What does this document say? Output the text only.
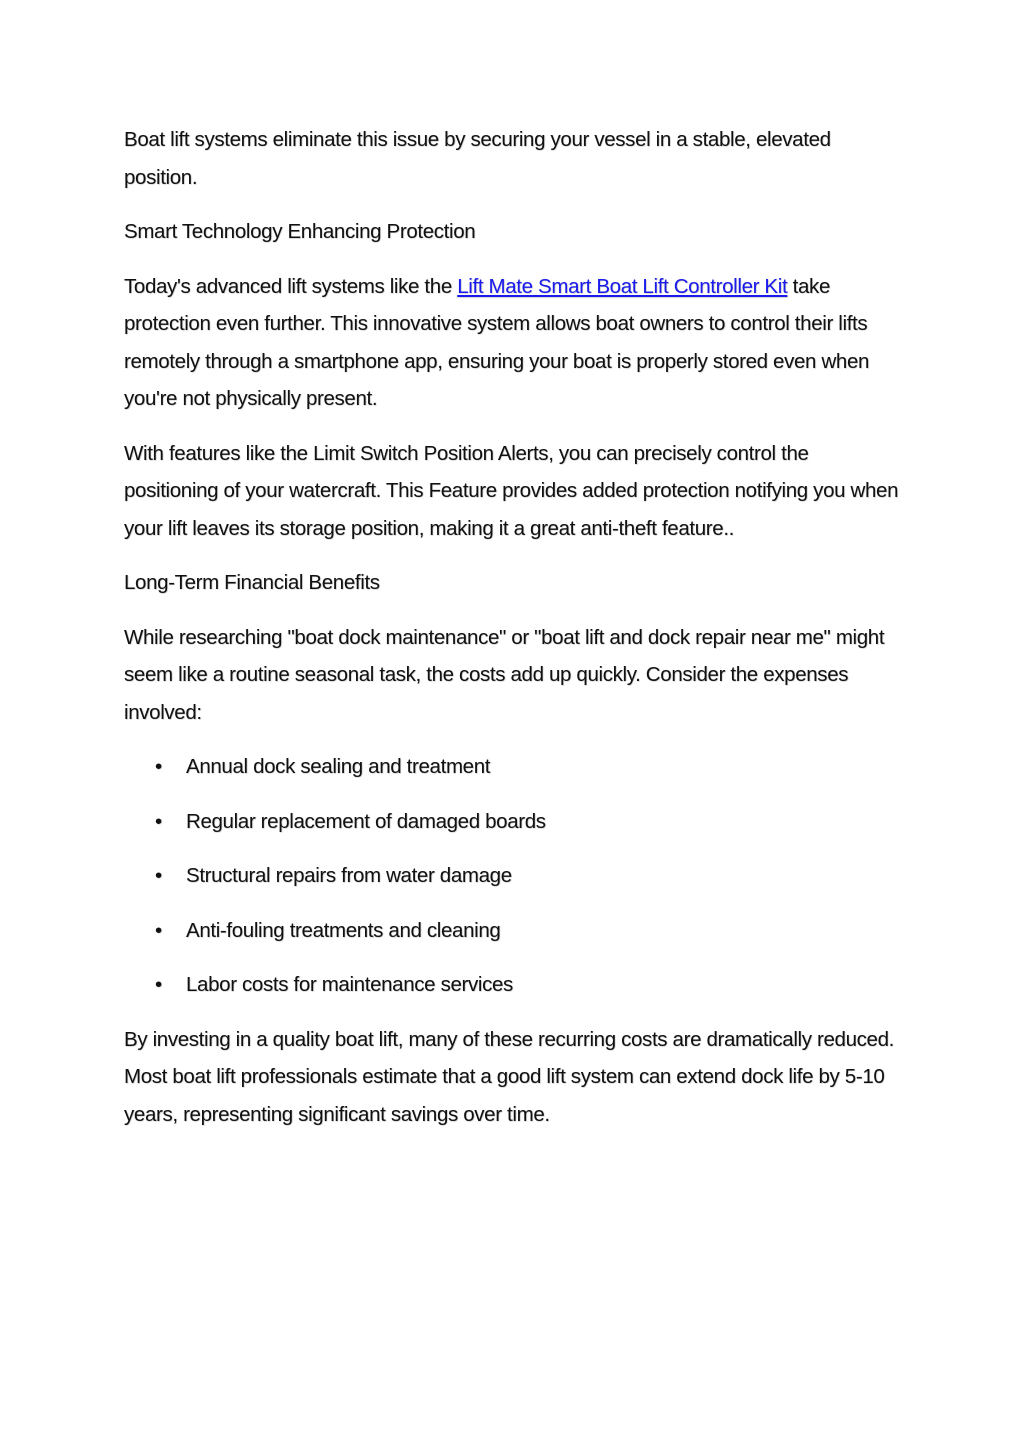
Boat lift systems eliminate this issue by securing your vessel in a stable, elevated position.

Smart Technology Enhancing Protection

Today's advanced lift systems like the Lift Mate Smart Boat Lift Controller Kit take protection even further. This innovative system allows boat owners to control their lifts remotely through a smartphone app, ensuring your boat is properly stored even when you're not physically present.

With features like the Limit Switch Position Alerts, you can precisely control the positioning of your watercraft. This Feature provides added protection notifying you when your lift leaves its storage position, making it a great anti-theft feature..

Long-Term Financial Benefits

While researching "boat dock maintenance" or "boat lift and dock repair near me" might seem like a routine seasonal task, the costs add up quickly. Consider the expenses involved:

• Annual dock sealing and treatment
• Regular replacement of damaged boards
• Structural repairs from water damage
• Anti-fouling treatments and cleaning
• Labor costs for maintenance services

By investing in a quality boat lift, many of these recurring costs are dramatically reduced. Most boat lift professionals estimate that a good lift system can extend dock life by 5-10 years, representing significant savings over time.
